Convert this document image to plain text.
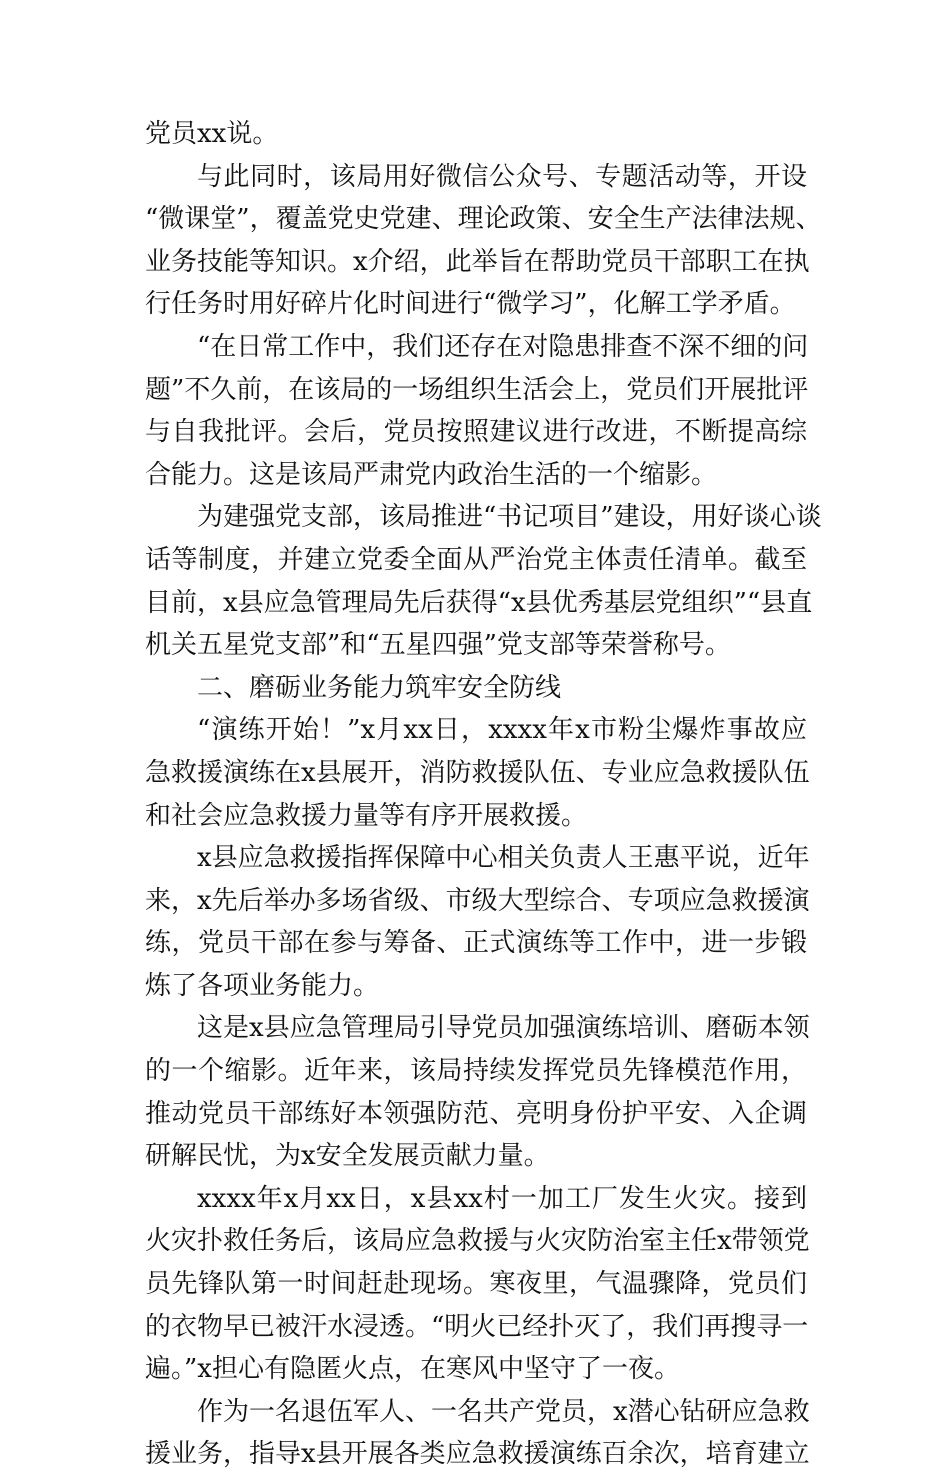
党员xx说。
与此同时，该局用好微信公众号、专题活动等，开设
“微课堂”，覆盖党史党建、理论政策、安全生产法律法规、
业务技能等知识。x介绍，此举旨在帮助党员干部职工在执
行任务时用好碎片化时间进行“微学习”，化解工学矛盾。
“在日常工作中，我们还存在对隐患排查不深不细的问
题”不久前，在该局的一场组织生活会上，党员们开展批评
与自我批评。会后，党员按照建议进行改进，不断提高综
合能力。这是该局严肃党内政治生活的一个缩影。
为建强党支部，该局推进“书记项目”建设，用好谈心谈
话等制度，并建立党委全面从严治党主体责任清单。截至
目前，x县应急管理局先后获得“x县优秀基层党组织”“县直
机关五星党支部”和“五星四强”党支部等荣誉称号。
二、磨砺业务能力筑牢安全防线
“演练开始！”x月xx日，xxxx年x市粉尘爆炸事故应
急救援演练在x县展开，消防救援队伍、专业应急救援队伍
和社会应急救援力量等有序开展救援。
x县应急救援指挥保障中心相关负责人王惠平说，近年
来，x先后举办多场省级、市级大型综合、专项应急救援演
练，党员干部在参与筹备、正式演练等工作中，进一步锻
炼了各项业务能力。
这是x县应急管理局引导党员加强演练培训、磨砺本领
的一个缩影。近年来，该局持续发挥党员先锋模范作用，
推动党员干部练好本领强防范、亮明身份护平安、入企调
研解民忧，为x安全发展贡献力量。
xxxx年x月xx日，x县xx村一加工厂发生火灾。接到
火灾扑救任务后，该局应急救援与火灾防治室主任x带领党
员先锋队第一时间赶赴现场。寒夜里，气温骤降，党员们
的衣物早已被汗水浸透。“明火已经扑灭了，我们再搜寻一
遍。”x担心有隐匿火点，在寒风中坚守了一夜。
作为一名退伍军人、一名共产党员，x潜心钻研应急救
援业务，指导x县开展各类应急救援演练百余次，培育建立
